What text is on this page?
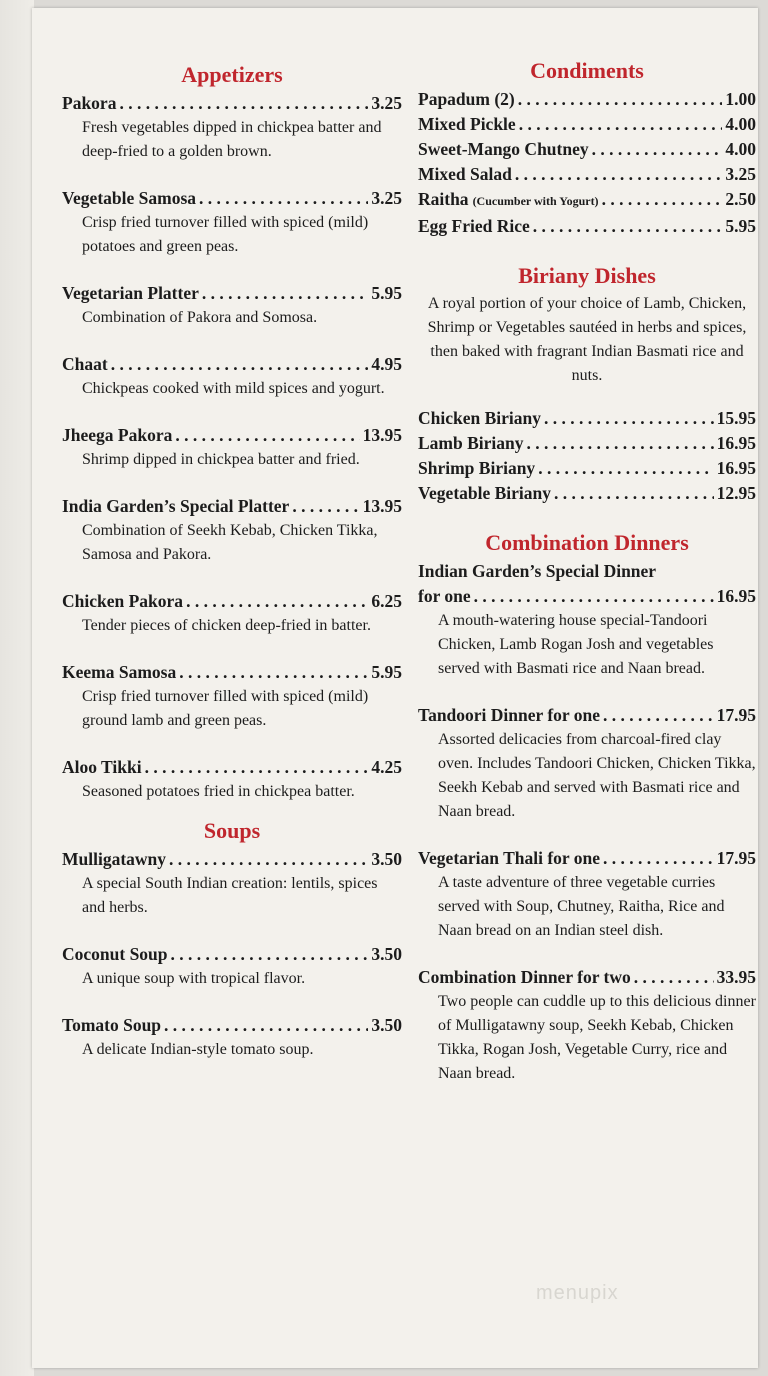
Appetizers
Pakora . . .	3.25
Fresh vegetables dipped in chickpea batter and deep-fried to a golden brown.
Vegetable Samosa . . .	3.25
Crisp fried turnover filled with spiced (mild) potatoes and green peas.
Vegetarian Platter . . .	5.95
Combination of Pakora and Somosa.
Chaat . . .	4.95
Chickpeas cooked with mild spices and yogurt.
Jheega Pakora . . .	13.95
Shrimp dipped in chickpea batter and fried.
India Garden’s Special Platter . . .	13.95
Combination of Seekh Kebab, Chicken Tikka, Samosa and Pakora.
Chicken Pakora . . .	6.25
Tender pieces of chicken deep-fried in batter.
Keema Samosa . . .	5.95
Crisp fried turnover filled with spiced (mild) ground lamb and green peas.
Aloo Tikki . . .	4.25
Seasoned potatoes fried in chickpea batter.
Soups
Mulligatawny . . .	3.50
A special South Indian creation: lentils, spices and herbs.
Coconut Soup . . .	3.50
A unique soup with tropical flavor.
Tomato Soup . . .	3.50
A delicate Indian-style tomato soup.
Condiments
Papadum (2) . . .	1.00
Mixed Pickle . . .	4.00
Sweet-Mango Chutney . . .	4.00
Mixed Salad . . .	3.25
Raitha (Cucumber with Yogurt) . . .	2.50
Egg Fried Rice . . .	5.95
Biriany Dishes
A royal portion of your choice of Lamb, Chicken, Shrimp or Vegetables sautéed in herbs and spices, then baked with fragrant Indian Basmati rice and nuts.
Chicken Biriany . . .	15.95
Lamb Biriany . . .	16.95
Shrimp Biriany . . .	16.95
Vegetable Biriany . . .	12.95
Combination Dinners
Indian Garden’s Special Dinner
for one . . .	16.95
A mouth-watering house special-Tandoori Chicken, Lamb Rogan Josh and vegetables served with Basmati rice and Naan bread.
Tandoori Dinner for one . . .	17.95
Assorted delicacies from charcoal-fired clay oven. Includes Tandoori Chicken, Chicken Tikka, Seekh Kebab and served with Basmati rice and Naan bread.
Vegetarian Thali for one . . .	17.95
A taste adventure of three vegetable curries served with Soup, Chutney, Raitha, Rice and Naan bread on an Indian steel dish.
Combination Dinner for two . . .	33.95
Two people can cuddle up to this delicious dinner of Mulligatawny soup, Seekh Kebab, Chicken Tikka, Rogan Josh, Vegetable Curry, rice and Naan bread.
menupix
